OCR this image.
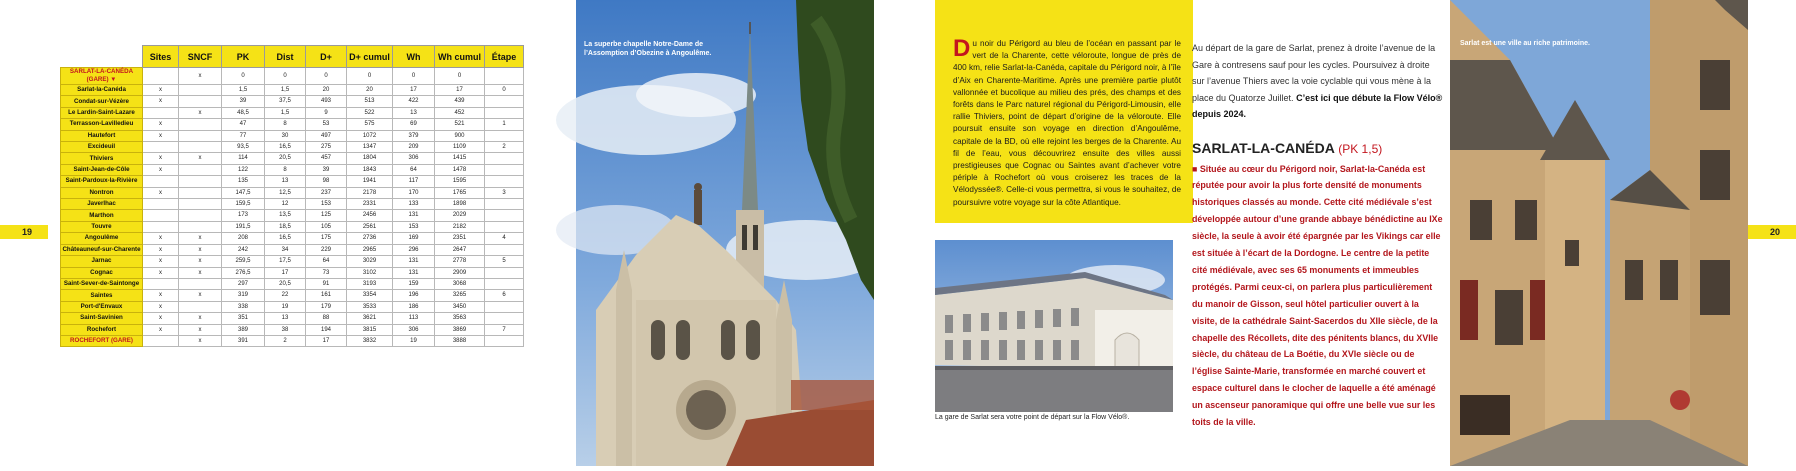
	Sites	SNCF	PK	Dist	D+	D+ cumul	Wh	Wh cumul	Étape
SARLAT-LA-CANÉDA (GARE) ▼		x	0	0	0	0	0	0	
Sarlat-la-Canéda	x		1,5	1,5	20	20	17	17	0
Condat-sur-Vézère	x		39	37,5	493	513	422	439	
Le Lardin-Saint-Lazare		x	48,5	1,5	9	522	13	452	
Terrasson-Lavilledieu	x		47	8	53	575	69	521	1
Hautefort	x		77	30	497	1072	379	900	
Excideuil			93,5	16,5	275	1347	209	1109	2
Thiviers	x	x	114	20,5	457	1804	306	1415	
Saint-Jean-de-Côle	x		122	8	39	1843	64	1478	
Saint-Pardoux-la-Rivière			135	13	98	1941	117	1595	
Nontron	x		147,5	12,5	237	2178	170	1765	3
Javerlhac			159,5	12	153	2331	133	1898	
Marthon			173	13,5	125	2456	131	2029	
Touvre			191,5	18,5	105	2561	153	2182	
Angoulême	x	x	208	16,5	175	2736	169	2351	4
Châteauneuf-sur-Charente	x	x	242	34	229	2965	296	2647	
Jarnac	x	x	259,5	17,5	64	3029	131	2778	5
Cognac	x	x	276,5	17	73	3102	131	2909	
Saint-Sever-de-Saintonge			297	20,5	91	3193	159	3068	
Saintes	x	x	319	22	161	3354	196	3265	6
Port-d'Envaux	x		338	19	179	3533	186	3450	
Saint-Savinien	x	x	351	13	88	3621	113	3563	
Rochefort	x	x	389	38	194	3815	306	3869	7
ROCHEFORT (GARE)		x	391	2	17	3832	19	3888	
19
La superbe chapelle Notre-Dame de l’Assomption d’Obezine à Angoulême.	Du noir du Périgord au bleu de l’océan en passant par le vert de la Charente, cette véloroute, longue de près de 400 km, relie Sarlat-la-Canéda, capitale du Périgord noir, à l’île d’Aix en Charente-Maritime. Après une première partie plutôt vallonnée et bucolique au milieu des prés, des champs et des forêts dans le Parc naturel régional du Périgord-Limousin, elle rallie Thiviers, point de départ d’origine de la véloroute. Elle poursuit ensuite son voyage en direction d’Angoulême, capitale de la BD, où elle rejoint les berges de la Charente. Au fil de l’eau, vous découvrirez ensuite des villes aussi prestigieuses que Cognac ou Saintes avant d’achever votre périple à Rochefort où vous croiserez les traces de la Vélodyssée®. Celle-ci vous permettra, si vous le souhaitez, de poursuivre votre voyage sur la côte Atlantique.
20
La gare de Sarlat sera votre point de départ sur la Flow Vélo®.
Au départ de la gare de Sarlat, prenez à droite l’avenue de la Gare à contresens sauf pour les cycles. Poursuivez à droite sur l’avenue Thiers avec la voie cyclable qui vous mène à la place du Quatorze Juillet. C’est ici que débute la Flow Vélo® depuis 2024.
SARLAT-LA-CANÉDA (PK 1,5)
■ Située au cœur du Périgord noir, Sarlat-la-Canéda est réputée pour avoir la plus forte densité de monuments historiques classés au monde. Cette cité médiévale s’est développée autour d’une grande abbaye bénédictine au IXe siècle, la seule à avoir été épargnée par les Vikings car elle est située à l’écart de la Dordogne. Le centre de la petite cité médiévale, avec ses 65 monuments et immeubles protégés. Parmi ceux-ci, on parlera plus particulièrement du manoir de Gisson, seul hôtel particulier ouvert à la visite, de la cathédrale Saint-Sacerdos du XIIe siècle, de la chapelle des Récollets, dite des pénitents blancs, du XVIIe siècle, du château de La Boétie, du XVIe siècle ou de l’église Sainte-Marie, transformée en marché couvert et espace culturel dans le clocher de laquelle a été aménagé un ascenseur panoramique qui offre une belle vue sur les toits de la ville.
Sarlat est une ville au riche patrimoine.
